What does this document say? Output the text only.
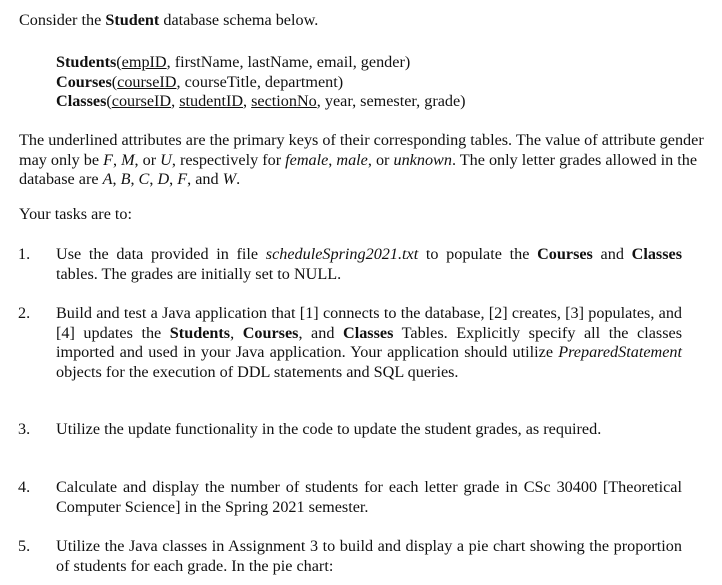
Consider the Student database schema below.
Students(empID, firstName, lastName, email, gender)
Courses(courseID, courseTitle, department)
Classes(courseID, studentID, sectionNo, year, semester, grade)
The underlined attributes are the primary keys of their corresponding tables. The value of attribute gender may only be F, M, or U, respectively for female, male, or unknown. The only letter grades allowed in the database are A, B, C, D, F, and W.
Your tasks are to:
1.	Use the data provided in file scheduleSpring2021.txt to populate the Courses and Classes tables. The grades are initially set to NULL.
2.	Build and test a Java application that [1] connects to the database, [2] creates, [3] populates, and [4] updates the Students, Courses, and Classes Tables. Explicitly specify all the classes imported and used in your Java application. Your application should utilize PreparedStatement objects for the execution of DDL statements and SQL queries.
3.	Utilize the update functionality in the code to update the student grades, as required.
4.	Calculate and display the number of students for each letter grade in CSc 30400 [Theoretical Computer Science] in the Spring 2021 semester.
5.	Utilize the Java classes in Assignment 3 to build and display a pie chart showing the proportion of students for each grade. In the pie chart:
